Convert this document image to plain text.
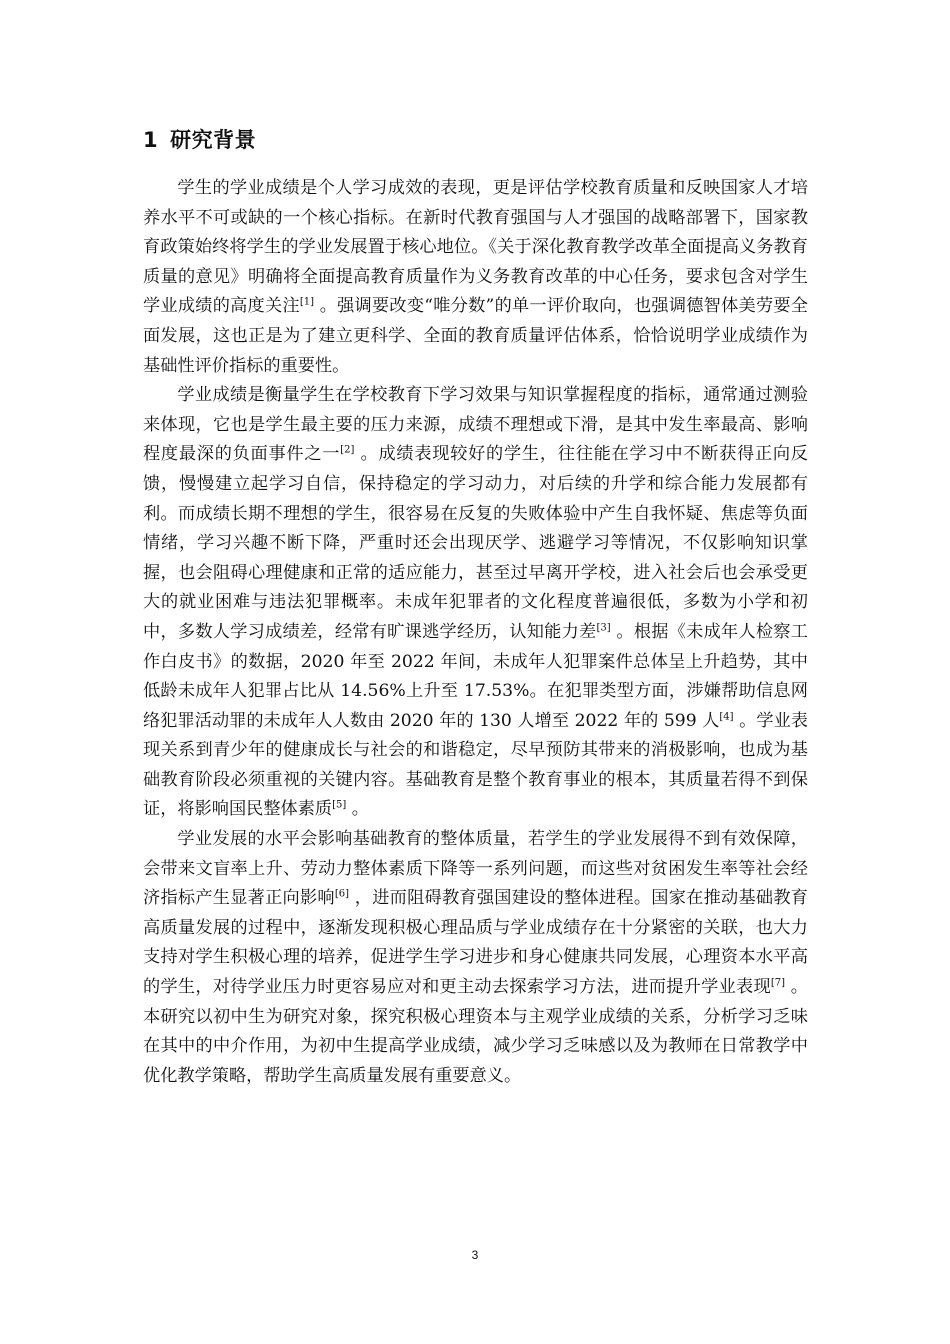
1 研究背景

学生的学业成绩是个人学习成效的表现，更是评估学校教育质量和反映国家人才培养水平不可或缺的一个核心指标。在新时代教育强国与人才强国的战略部署下，国家教育政策始终将学生的学业发展置于核心地位。《关于深化教育教学改革全面提高义务教育质量的意见》明确将全面提高教育质量作为义务教育改革的中心任务，要求包含对学生学业成绩的高度关注[1] 。强调要改变“唯分数”的单一评价取向，也强调德智体美劳要全面发展，这也正是为了建立更科学、全面的教育质量评估体系，恰恰说明学业成绩作为基础性评价指标的重要性。

学业成绩是衡量学生在学校教育下学习效果与知识掌握程度的指标，通常通过测验来体现，它也是学生最主要的压力来源，成绩不理想或下滑，是其中发生率最高、影响程度最深的负面事件之一[2] 。成绩表现较好的学生，往往能在学习中不断获得正向反馈，慢慢建立起学习自信，保持稳定的学习动力，对后续的升学和综合能力发展都有利。而成绩长期不理想的学生，很容易在反复的失败体验中产生自我怀疑、焦虑等负面情绪，学习兴趣不断下降，严重时还会出现厌学、逃避学习等情况，不仅影响知识掌握，也会阻碍心理健康和正常的适应能力，甚至过早离开学校，进入社会后也会承受更大的就业困难与违法犯罪概率。未成年犯罪者的文化程度普遍很低，多数为小学和初中，多数人学习成绩差，经常有旷课逃学经历，认知能力差[3] 。根据《未成年人检察工作白皮书》的数据，2020 年至 2022 年间，未成年人犯罪案件总体呈上升趋势，其中低龄未成年人犯罪占比从 14.56%上升至 17.53%。在犯罪类型方面，涉嫌帮助信息网络犯罪活动罪的未成年人人数由 2020 年的 130 人增至 2022 年的 599 人[4] 。学业表现关系到青少年的健康成长与社会的和谐稳定，尽早预防其带来的消极影响，也成为基础教育阶段必须重视的关键内容。基础教育是整个教育事业的根本，其质量若得不到保证，将影响国民整体素质[5] 。

学业发展的水平会影响基础教育的整体质量，若学生的学业发展得不到有效保障，会带来文盲率上升、劳动力整体素质下降等一系列问题，而这些对贫困发生率等社会经济指标产生显著正向影响[6] ，进而阻碍教育强国建设的整体进程。国家在推动基础教育高质量发展的过程中，逐渐发现积极心理品质与学业成绩存在十分紧密的关联，也大力支持对学生积极心理的培养，促进学生学习进步和身心健康共同发展，心理资本水平高的学生，对待学业压力时更容易应对和更主动去探索学习方法，进而提升学业表现[7] 。本研究以初中生为研究对象，探究积极心理资本与主观学业成绩的关系，分析学习乏味在其中的中介作用，为初中生提高学业成绩，减少学习乏味感以及为教师在日常教学中优化教学策略，帮助学生高质量发展有重要意义。

3
